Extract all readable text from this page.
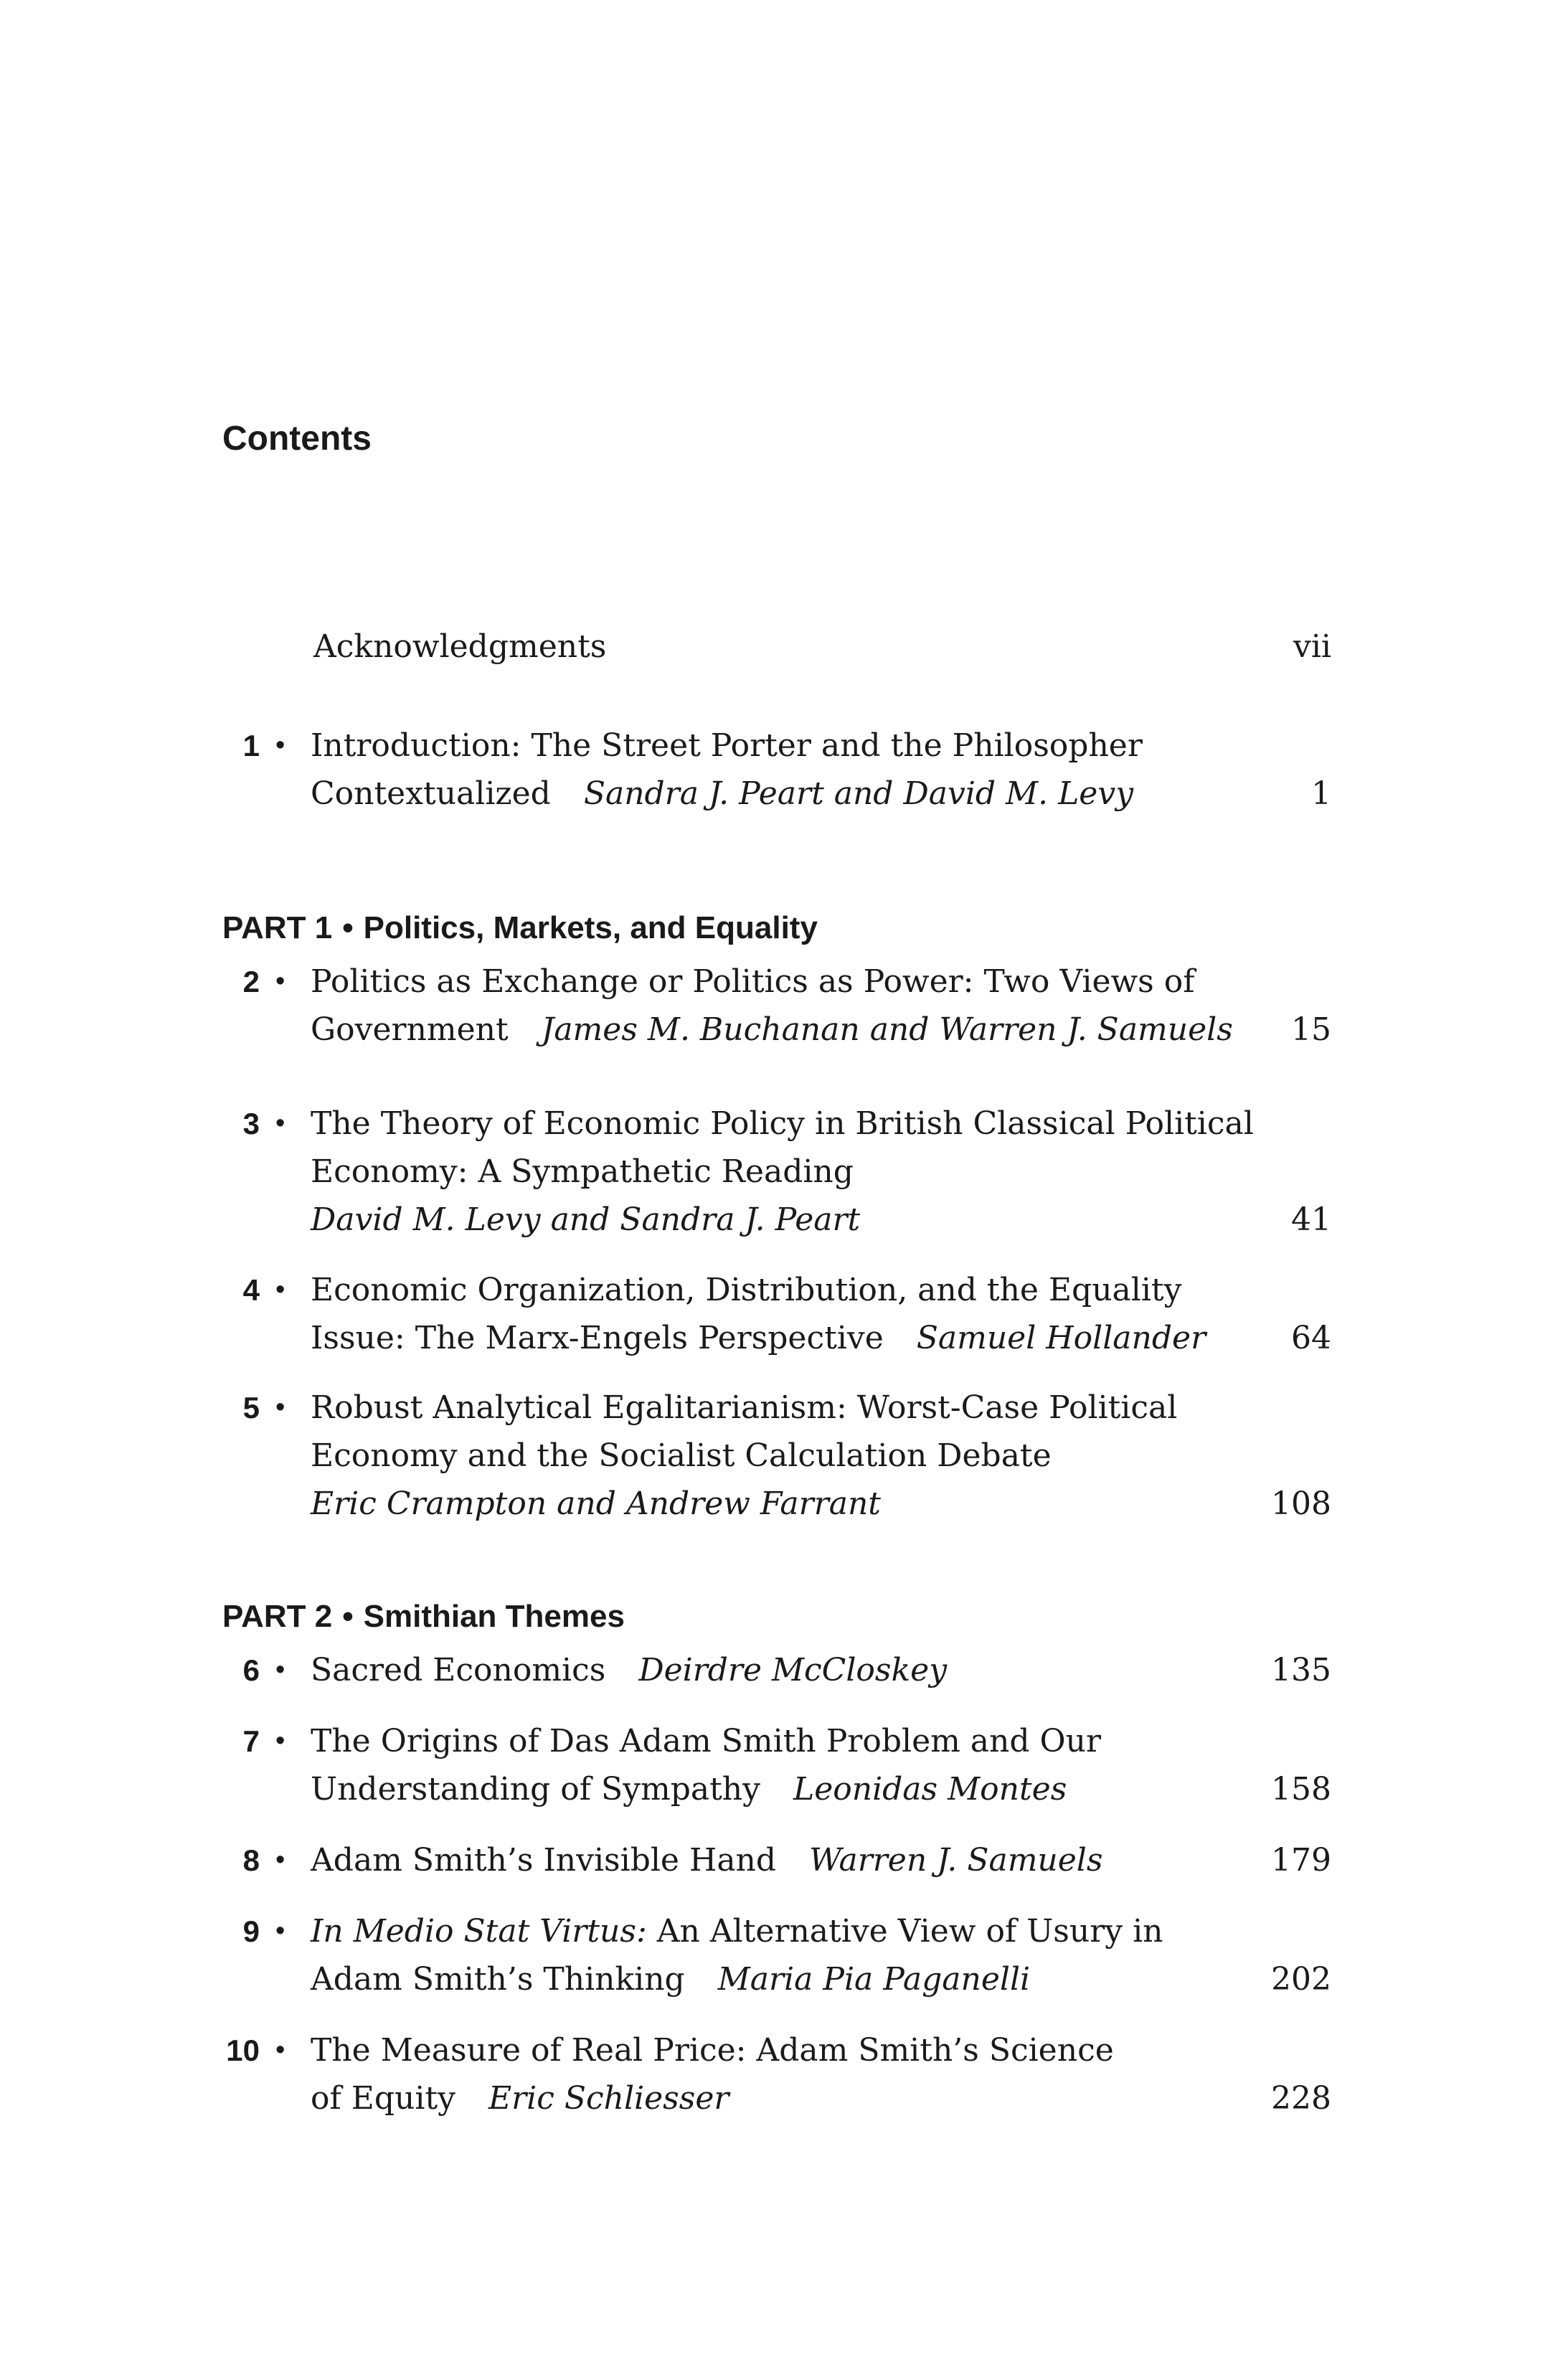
Contents
Acknowledgments	vii
1 • Introduction: The Street Porter and the Philosopher
Contextualized Sandra J. Peart and David M. Levy	1
PART 1 • Politics, Markets, and Equality
2 • Politics as Exchange or Politics as Power: Two Views of
Government James M. Buchanan and Warren J. Samuels	15
3 • The Theory of Economic Policy in British Classical Political
Economy: A Sympathetic Reading
David M. Levy and Sandra J. Peart	41
4 • Economic Organization, Distribution, and the Equality
Issue: The Marx-Engels Perspective Samuel Hollander	64
5 • Robust Analytical Egalitarianism: Worst-Case Political
Economy and the Socialist Calculation Debate
Eric Crampton and Andrew Farrant	108
PART 2 • Smithian Themes
6 • Sacred Economics Deirdre McCloskey	135
7 • The Origins of Das Adam Smith Problem and Our
Understanding of Sympathy Leonidas Montes	158
8 • Adam Smith’s Invisible Hand Warren J. Samuels	179
9 • In Medio Stat Virtus: An Alternative View of Usury in
Adam Smith’s Thinking Maria Pia Paganelli	202
10 • The Measure of Real Price: Adam Smith’s Science
of Equity Eric Schliesser	228
